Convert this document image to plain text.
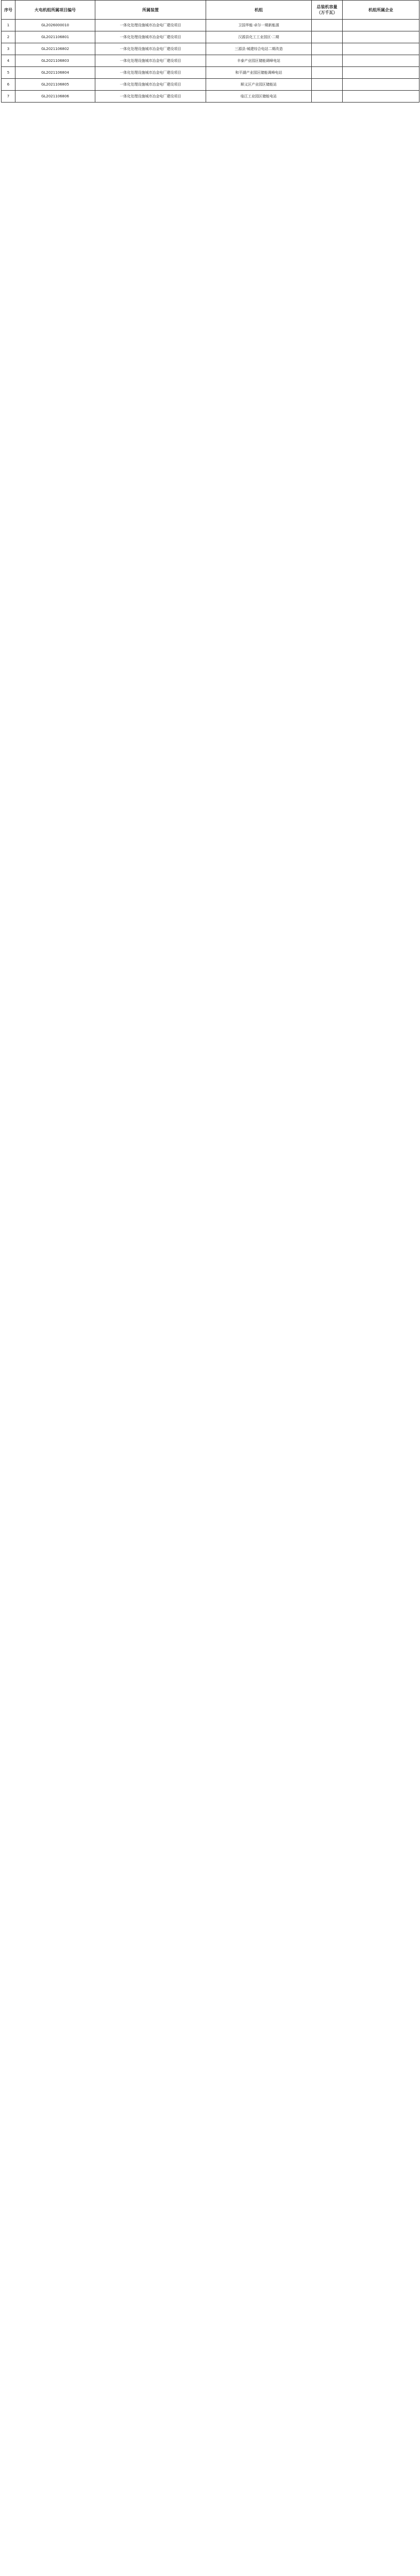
序号	火电机组所属项目编号	所属装置	机组	总装机容量（万千瓦）	机组所属企业
1	GL2026000010	一体化处理设施城市冶金电厂建设项目	卫国华能·卓尔一期新能源		
2	GL2021106801	一体化处理设施城市冶金电厂建设项目	汉源县化工工业园区·二期		
3	GL2021106802	一体化处理设施城市冶金电厂建设项目	三源县·城建综合电站二期改造		
4	GL2021106803	一体化处理设施城市冶金电厂建设项目	丰泰产业园区储能调峰电站		
5	GL2021106804	一体化处理设施城市冶金电厂建设项目	和平湖产业园区储能调峰电站		
6	GL2021106805	一体化处理设施城市冶金电厂建设项目	顺义区产业园区储能站		
7	GL2021106806	一体化处理设施城市冶金电厂建设项目	临江工业园区储能电站		
